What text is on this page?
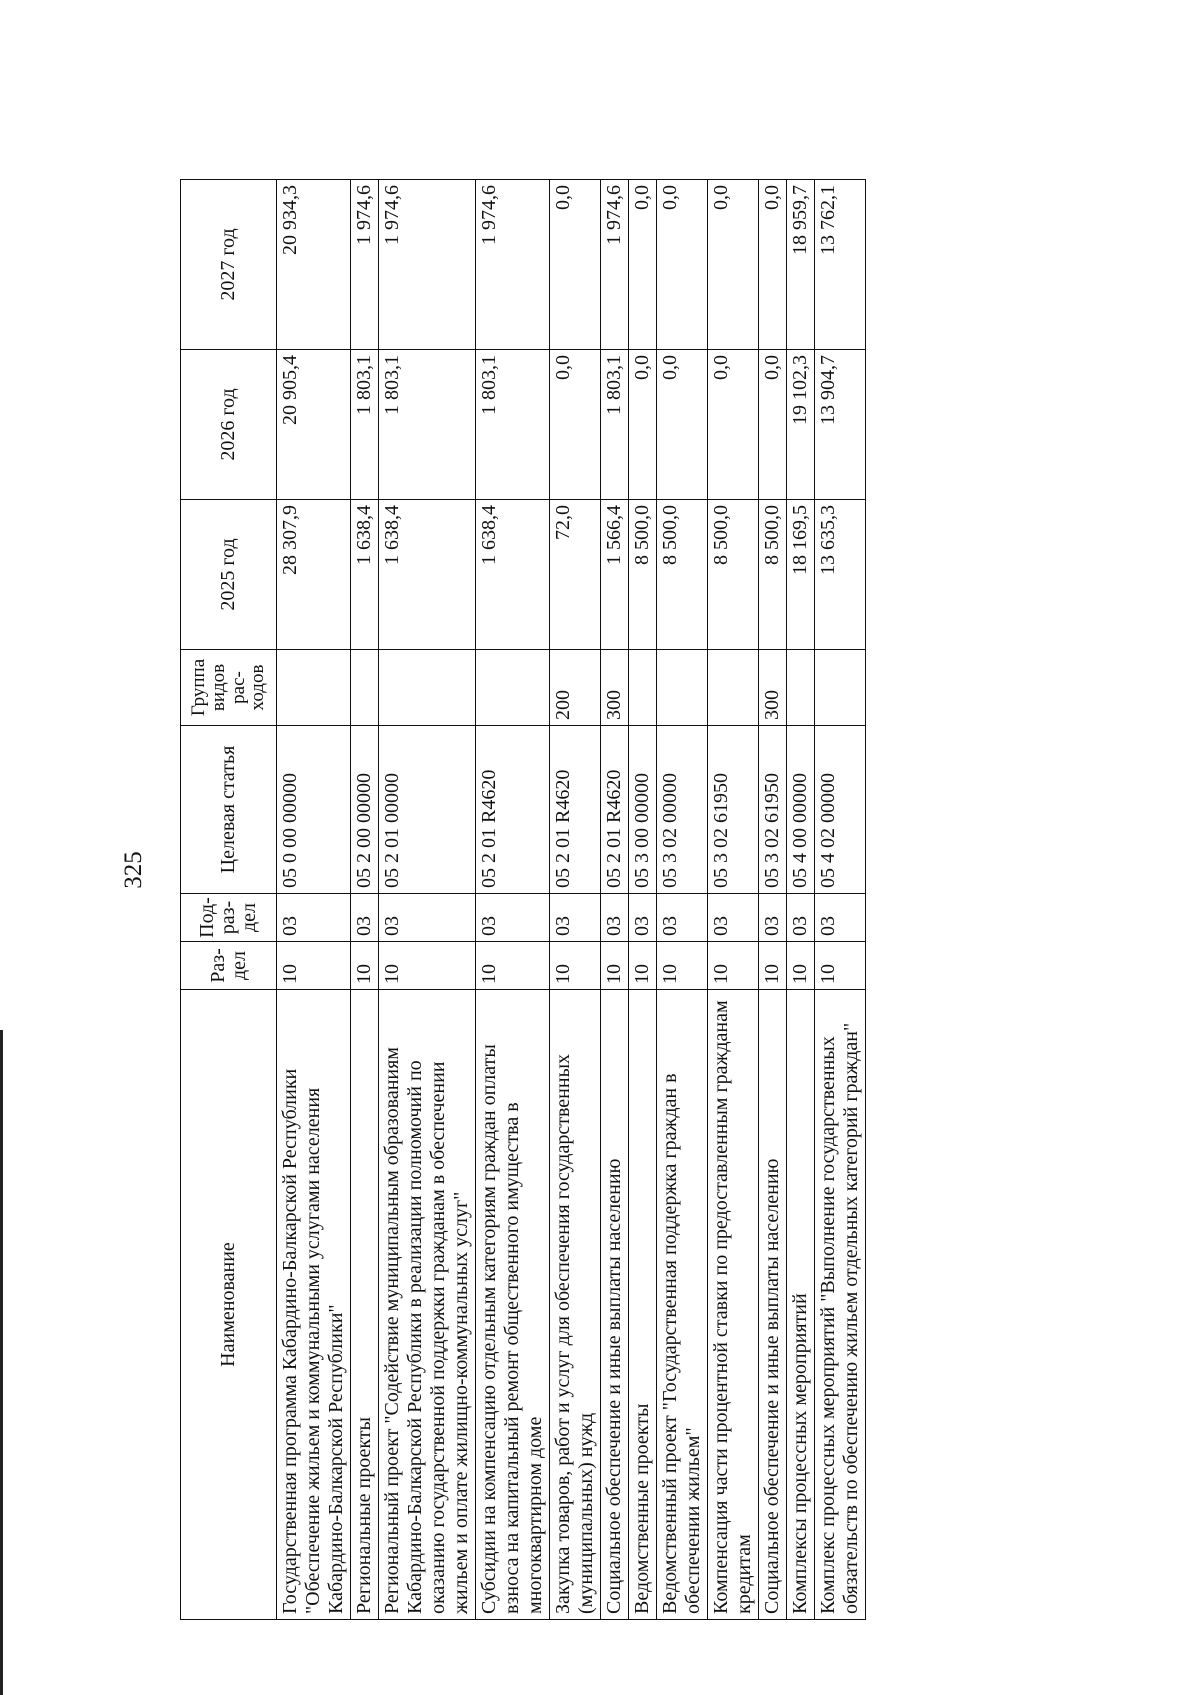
325
Наименование	Раз-дел	Под-раз-дел	Целевая статья	Группа видов рас-ходов	2025 год	2026 год	2027 год
Государственная программа Кабардино-Балкарской Республики "Обеспечение жильем и коммунальными услугами населения Кабардино-Балкарской Республики"	10	03	05 0 00 00000		28 307,9	20 905,4	20 934,3
Региональные проекты	10	03	05 2 00 00000		1 638,4	1 803,1	1 974,6
Региональный проект "Содействие муниципальным образованиям Кабардино-Балкарской Республики в реализации полномочий по оказанию государственной поддержки гражданам в обеспечении жильем и оплате жилищно-коммунальных услуг"	10	03	05 2 01 00000		1 638,4	1 803,1	1 974,6
Субсидии на компенсацию отдельным категориям граждан оплаты взноса на капитальный ремонт общественного имущества в многоквартирном доме	10	03	05 2 01 R4620		1 638,4	1 803,1	1 974,6
Закупка товаров, работ и услуг для обеспечения государственных (муниципальных) нужд	10	03	05 2 01 R4620	200	72,0	0,0	0,0
Социальное обеспечение и иные выплаты населению	10	03	05 2 01 R4620	300	1 566,4	1 803,1	1 974,6
Ведомственные проекты	10	03	05 3 00 00000		8 500,0	0,0	0,0
Ведомственный проект "Государственная поддержка граждан в обеспечении жильем"	10	03	05 3 02 00000		8 500,0	0,0	0,0
Компенсация части процентной ставки по предоставленным гражданам кредитам	10	03	05 3 02 61950		8 500,0	0,0	0,0
Социальное обеспечение и иные выплаты населению	10	03	05 3 02 61950	300	8 500,0	0,0	0,0
Комплексы процессных мероприятий	10	03	05 4 00 00000		18 169,5	19 102,3	18 959,7
Комплекс процессных мероприятий "Выполнение государственных обязательств по обеспечению жильем отдельных категорий граждан"	10	03	05 4 02 00000		13 635,3	13 904,7	13 762,1
